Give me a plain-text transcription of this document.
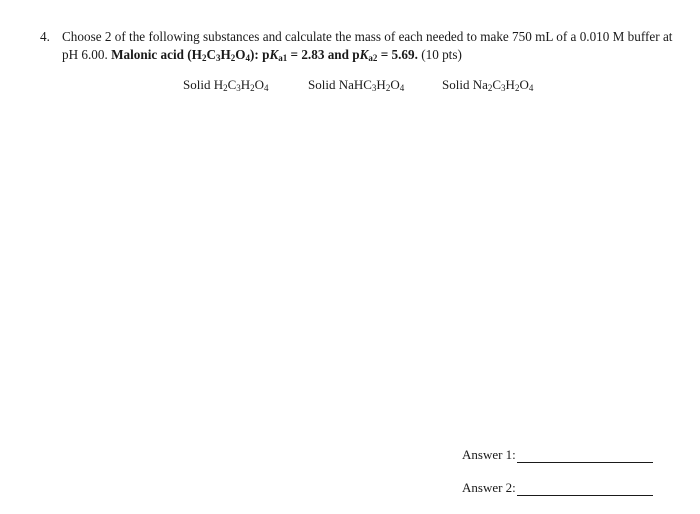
4. Choose 2 of the following substances and calculate the mass of each needed to make 750 mL of a 0.010 M buffer at pH 6.00. Malonic acid $(H_2C_3H_2O_4)$: $pK_{a1} = 2.83$ and $pK_{a2} = 5.69$. (10 pts)
Solid $H_2C_3H_2O_4$	Solid $NaHC_3H_2O_4$	Solid $Na_2C_3H_2O_4$
Answer 1:
Answer 2:
